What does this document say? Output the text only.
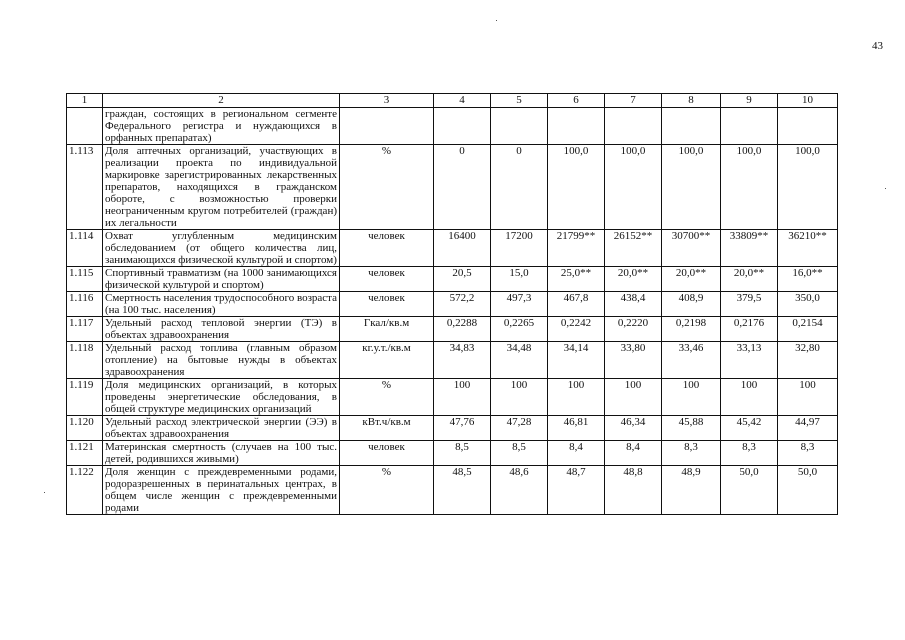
43
1	2	3	4	5	6	7	8	9	10
	граждан, состоящих в региональном сегменте Федерального регистра и нуждающихся в орфанных препаратах)								
1.113	Доля аптечных организаций, участвующих в реализации проекта по индивидуальной маркировке зарегистрированных лекарственных препаратов, находящихся в гражданском обороте, с возможностью проверки неограниченным кругом потребителей (граждан) их легальности	%	0	0	100,0	100,0	100,0	100,0	100,0
1.114	Охват углубленным медицинским обследованием (от общего количества лиц, занимающихся физической культурой и спортом)	человек	16400	17200	21799**	26152**	30700**	33809**	36210**
1.115	Спортивный травматизм (на 1000 занимающихся физической культурой и спортом)	человек	20,5	15,0	25,0**	20,0**	20,0**	20,0**	16,0**
1.116	Смертность населения трудоспособного возраста (на 100 тыс. населения)	человек	572,2	497,3	467,8	438,4	408,9	379,5	350,0
1.117	Удельный расход тепловой энергии (ТЭ) в объектах здравоохранения	Гкал/кв.м	0,2288	0,2265	0,2242	0,2220	0,2198	0,2176	0,2154
1.118	Удельный расход топлива (главным образом отопление) на бытовые нужды в объектах здравоохранения	кг.у.т./кв.м	34,83	34,48	34,14	33,80	33,46	33,13	32,80
1.119	Доля медицинских организаций, в которых проведены энергетические обследования, в общей структуре медицинских организаций	%	100	100	100	100	100	100	100
1.120	Удельный расход электрической энергии (ЭЭ) в объектах здравоохранения	кВт.ч/кв.м	47,76	47,28	46,81	46,34	45,88	45,42	44,97
1.121	Материнская смертность (случаев на 100 тыс. детей, родившихся живыми)	человек	8,5	8,5	8,4	8,4	8,3	8,3	8,3
1.122	Доля женщин с преждевременными родами, родоразрешенных в перинатальных центрах, в общем числе женщин с преждевременными родами	%	48,5	48,6	48,7	48,8	48,9	50,0	50,0
